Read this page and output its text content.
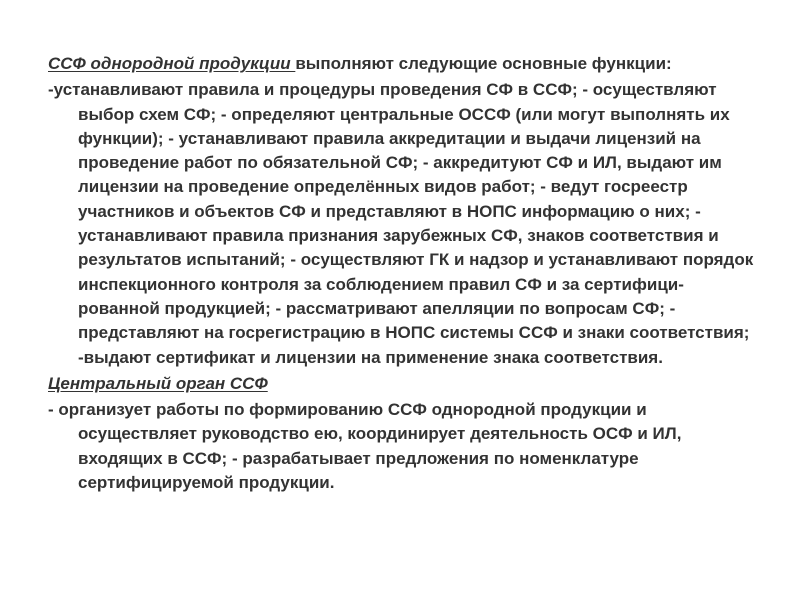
ССФ однородной продукции выполняют следующие основные функции:

-устанавливают правила и процедуры проведения СФ в ССФ; - осуществляют выбор схем СФ; - определяют центральные ОССФ (или могут выполнять их функции); - устанавливают правила аккредитации и выдачи лицензий на проведение работ по обязательной СФ; - аккредитуют СФ и ИЛ, выдают им лицензии на проведение определённых видов работ; - ведут госреестр участников и объектов СФ и представляют в НОПС информацию о них; - устанавливают правила признания зарубежных СФ, знаков соответствия и результатов испытаний; - осуществляют ГК и надзор и устанавливают порядок инспекционного контроля за соблюдением правил СФ и за сертифици-рованной продукцией; - рассматривают апелляции по вопросам СФ; - представляют на госрегистрацию в НОПС системы ССФ и знаки соответствия; -выдают сертификат и лицензии на применение знака соответствия.

Центральный орган ССФ

- организует работы по формированию ССФ однородной продукции и осуществляет руководство ею, координирует деятельность ОСФ и ИЛ, входящих в ССФ; - разрабатывает предложения по номенклатуре сертифицируемой продукции.
